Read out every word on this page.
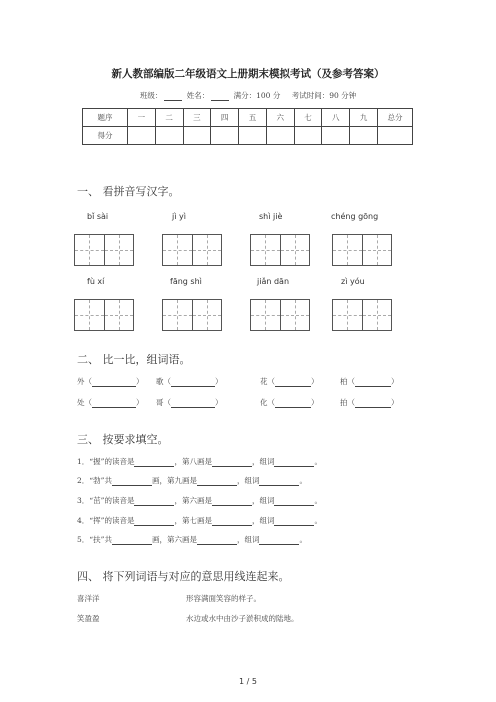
新人教部编版二年级语文上册期末模拟考试（及参考答案）
班级：	姓名：	满分：100 分 考试时间：90 分钟
题序	一	二	三	四	五	六	七	八	九	总分
得分										
一、 看拼音写汉字。
bǐ sài	jì yì	shì jiè	chéng gōng
fù xí	fāng shì	jiǎn dān	zì yóu
二、 比一比，组词语。
外（	） 歌（	）	花（	）	柏（	）
处（	） 哥（	）	化（	）	拍（	）
三、 按要求填空。
1．“握”的读音是	，第八画是	，组词	。
2．“勃”共	画，第九画是	，组词	。
3．“茁”的读音是	，第六画是	，组词	。
4．“挥”的读音是	，第七画是	，组词	。
5．“扶”共	画，第六画是	，组词	。
四、 将下列词语与对应的意思用线连起来。
喜洋洋	形容满面笑容的样子。
笑盈盈	水边或水中由沙子淤积成的陆地。
1 / 5
